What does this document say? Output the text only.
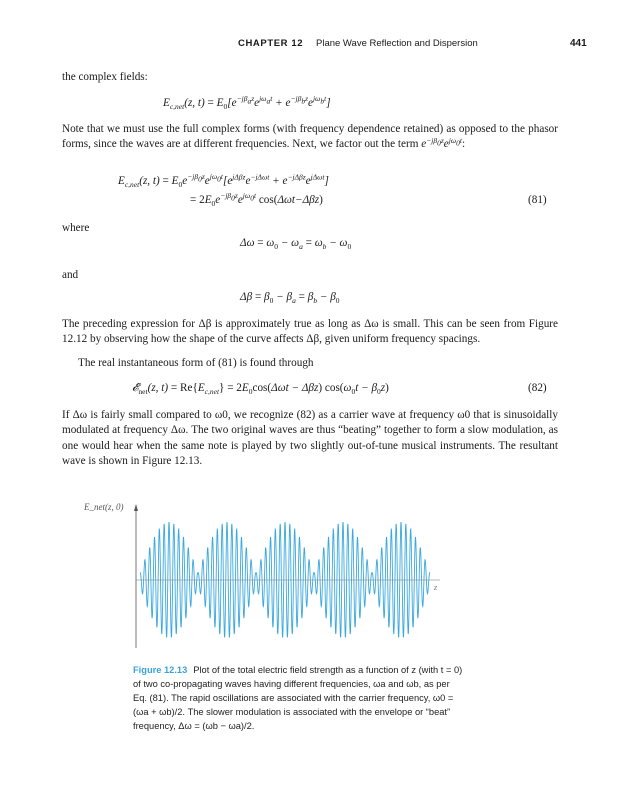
CHAPTER 12 Plane Wave Reflection and Dispersion	441
the complex fields:
$E_{c,net}(z$, $t) = E_0[e^{-j\beta_az}e^{j\omega_at} + e^{-j\beta_bz}e^{j\omega_bt}]$
Note that we must use the full complex forms (with frequency dependence retained) as opposed to the phasor forms, since the waves are at different frequencies. Next, we factor out the term $e^{-j\beta_0z}e^{j\omega_0t}$:
$E_{c,net}(z$, $t) = E_0e^{-j\beta_0z}e^{j\omega_0t}[e^{j\Delta\beta z}e^{-j\Delta\omega t} + e^{-j\Delta\beta z}e^{j\Delta\omega t}]$
= $2E_0e^{-j\beta_0z}e^{j\omega_0t}$ cos(Δωt−Δβz)	(81)
where
$\Delta\omega = \omega_0 - \omega_a = \omega_b - \omega_0$
and
$\Delta\beta = \beta_0 - \beta_a = \beta_b - \beta_0$
The preceding expression for Δβ is approximately true as long as Δω is small. This can be seen from Figure 12.12 by observing how the shape of the curve affects Δβ, given uniform frequency spacings.
The real instantaneous form of (81) is found through
𝓔$_{net}$(z, $t) = Re\{E_{c,net}\} = 2E_0\cos(\Delta\omega t - \Delta\beta z) \cos(\omega_0t - \beta_0z)$	(82)
If Δω is fairly small compared to ω0, we recognize (82) as a carrier wave at frequency ω0 that is sinusoidally modulated at frequency Δω. The two original waves are thus “beating” together to form a slow modulation, as one would hear when the same note is played by two slightly out-of-tune musical instruments. The resultant wave is shown in Figure 12.13.
E_net(z, 0)
z
Figure 12.13 Plot of the total electric field strength as a function of z (with t = 0) of two co-propagating waves having different frequencies, ωa and ωb, as per Eq. (81). The rapid oscillations are associated with the carrier frequency, ω0 = (ωa + ωb)/2. The slower modulation is associated with the envelope or “beat” frequency, Δω = (ωb − ωa)/2.
